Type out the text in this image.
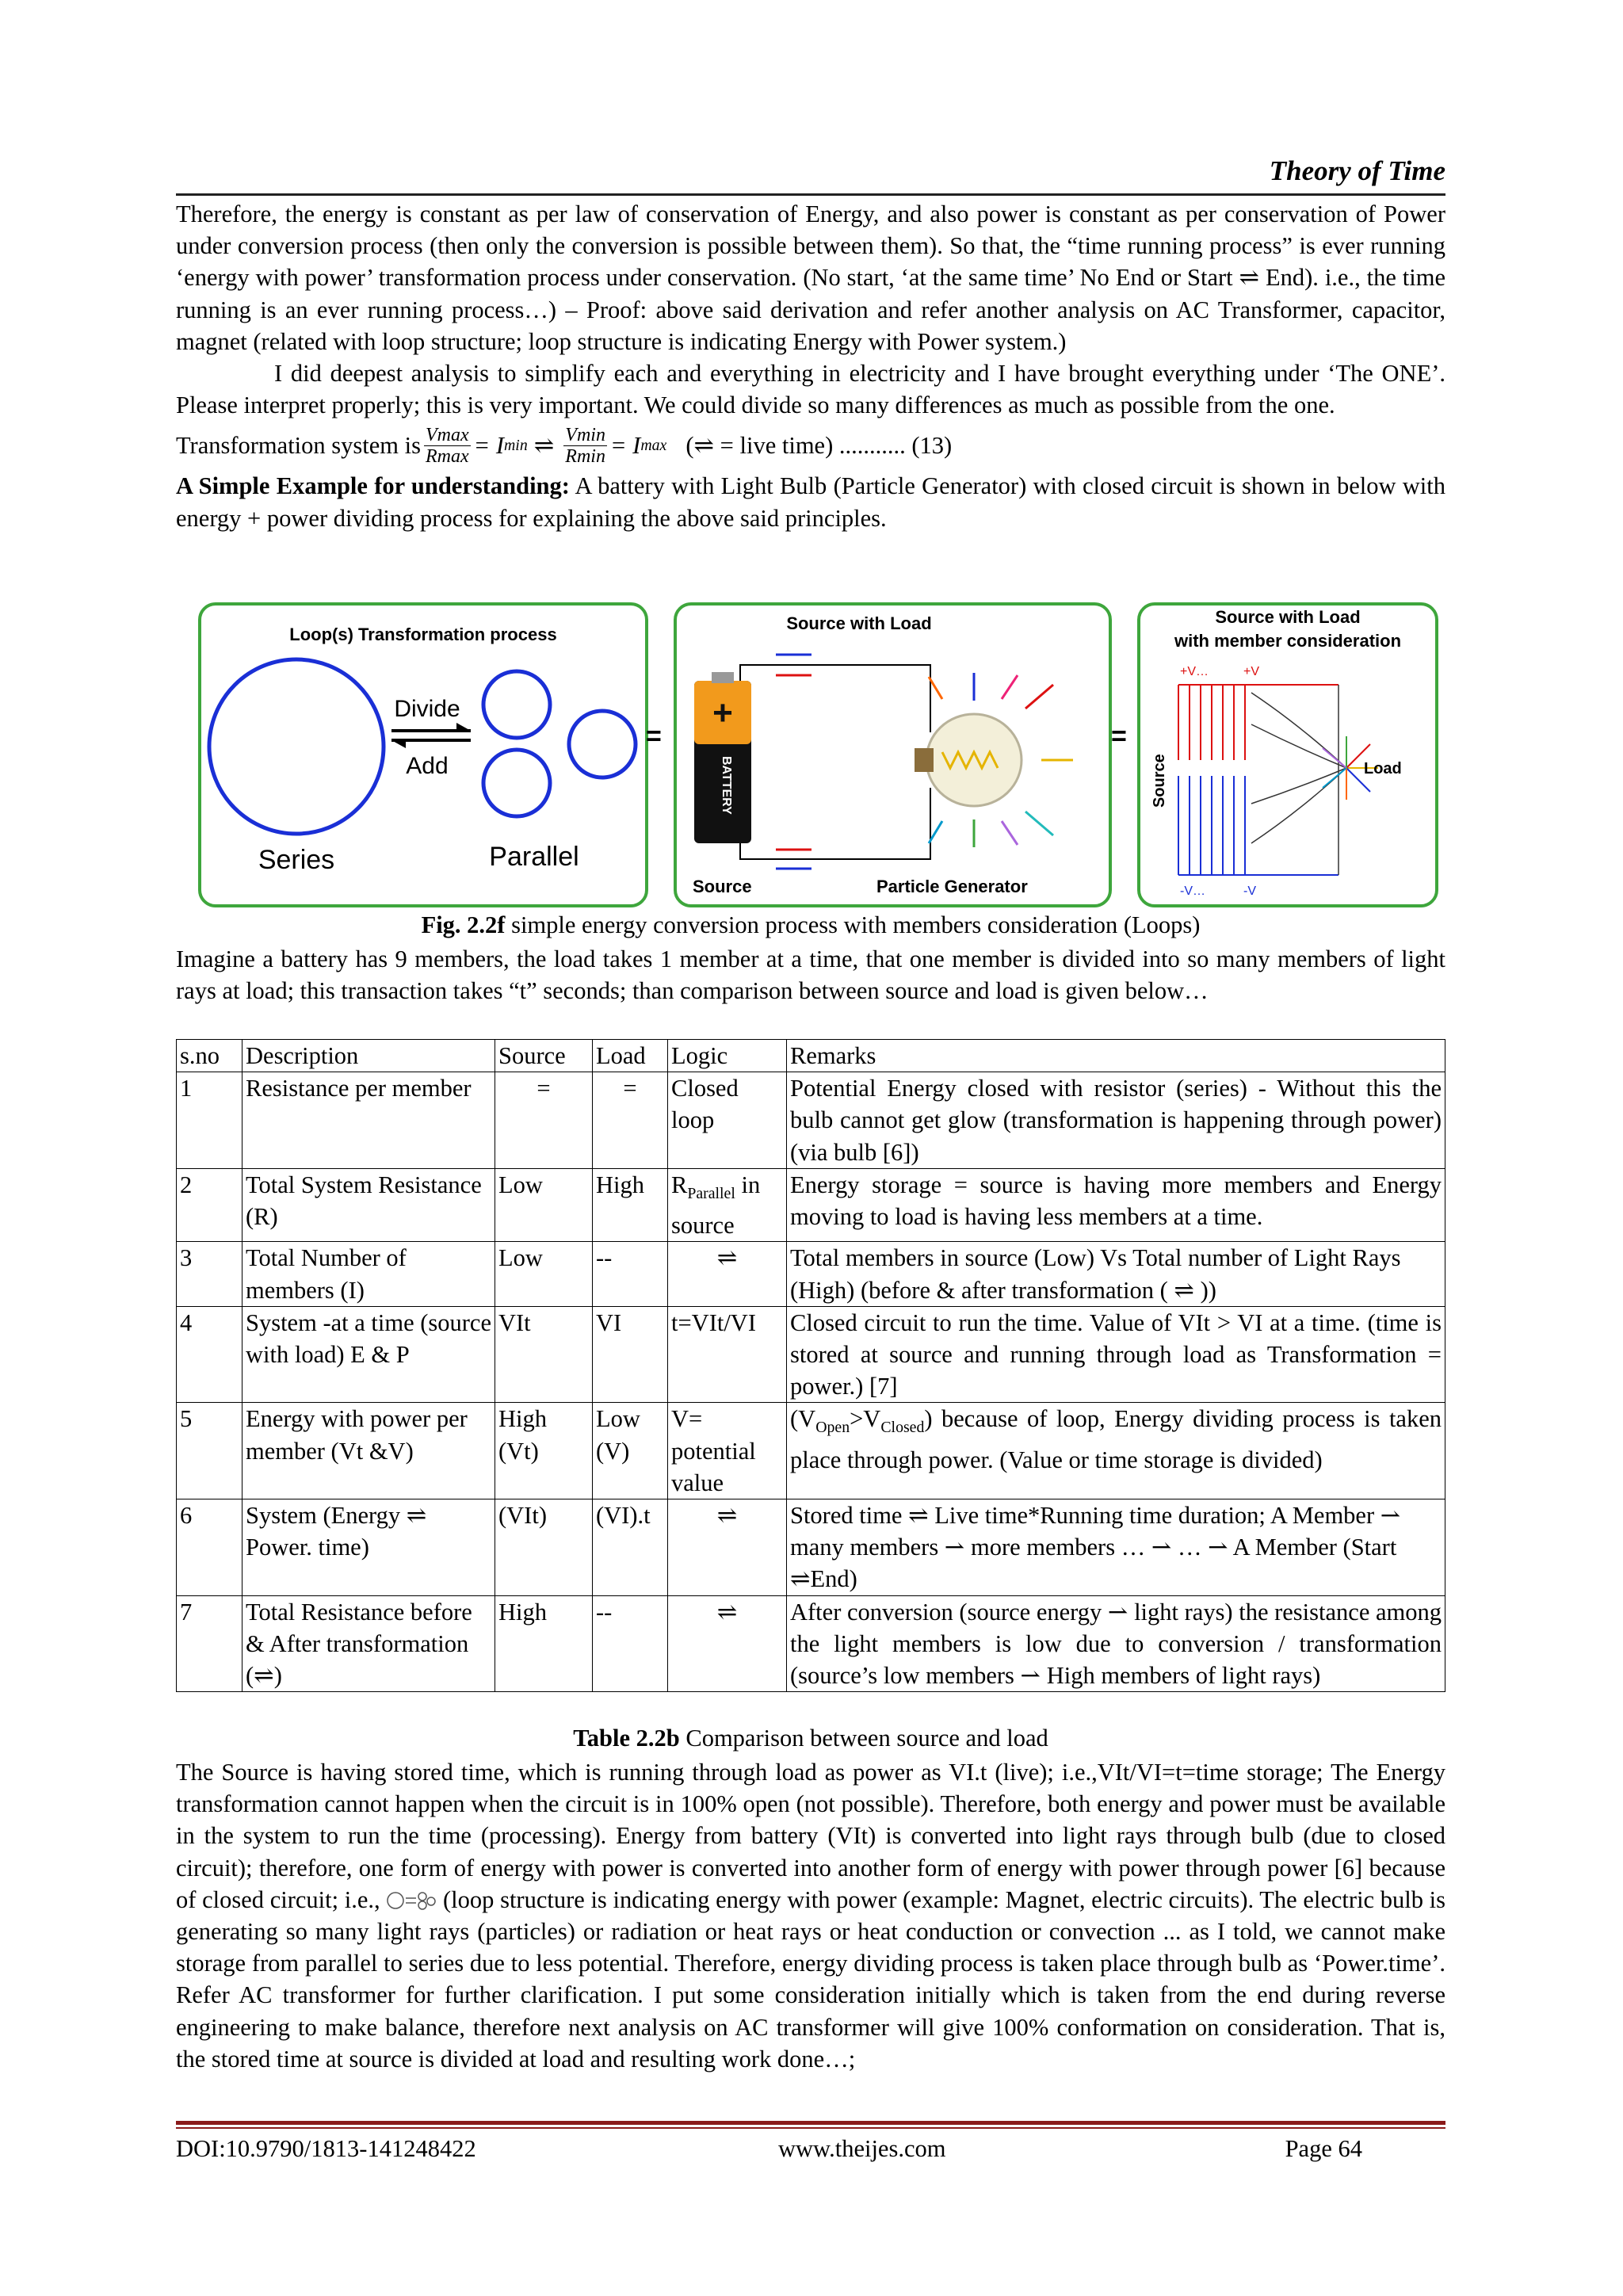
Theory of Time

Therefore, the energy is constant as per law of conservation of Energy, and also power is constant as per conservation of Power under conversion process (then only the conversion is possible between them). So that, the “time running process” is ever running ‘energy with power’ transformation process under conservation. (No start, ‘at the same time’ No End or Start ⇌ End). i.e., the time running is an ever running process…) – Proof: above said derivation and refer another analysis on AC Transformer, capacitor, magnet (related with loop structure; loop structure is indicating Energy with Power system.)

I did deepest analysis to simplify each and everything in electricity and I have brought everything under ‘The ONE’. Please interpret properly; this is very important. We could divide so many differences as much as possible from the one.

Transformation system is $\frac{Vmax}{Rmax} = I$ min ⇌ $\frac{Vmin}{Rmin} = I$ max (⇌ = live time) ........... (13)

A Simple Example for understanding: A battery with Light Bulb (Particle Generator) with closed circuit is shown in below with energy + power dividing process for explaining the above said principles.

Loop(s) Transformation process
Divide
Add
Series	Parallel
=
Source with Load
+
BATTERY
Source	Particle Generator
=
Source with Load
with member consideration
+V…	+V
-V…	-V
Source	Load
Fig. 2.2f simple energy conversion process with members consideration (Loops)
Imagine a battery has 9 members, the load takes 1 member at a time, that one member is divided into so many members of light rays at load; this transaction takes “t” seconds; than comparison between source and load is given below…
s.no	Description	Source	Load	Logic	Remarks
1	Resistance per member	=	=	Closed loop	Potential Energy closed with resistor (series) - Without this the bulb cannot get glow (transformation is happening through power) (via bulb [6])
2	Total System Resistance (R)	Low	High	$R_{Parallel}$ in source	Energy storage = source is having more members and Energy moving to load is having less members at a time.
3	Total Number of members (I)	Low	--	⇌	Total members in source (Low) Vs Total number of Light Rays (High) (before & after transformation ( ⇌ ))
4	System -at a time (source with load) E & P	VIt	VI	t=VIt/VI	Closed circuit to run the time. Value of VIt > VI at a time. (time is stored at source and running through load as Transformation = power.) [7]
5	Energy with power per member (Vt &V)	High (Vt)	Low (V)	V= potential value	$(V_{Open}>V_{Closed})$ because of loop, Energy dividing process is taken place through power. (Value or time storage is divided)
6	System (Energy ⇌ Power. time)	(VIt)	(VI).t	⇌	Stored time ⇌ Live time*Running time duration; A Member ⇀ many members ⇀ more members … ⇀ … ⇀ A Member (Start ⇌End)
7	Total Resistance before & After transformation (⇌)	High	--	⇌	After conversion (source energy ⇀ light rays) the resistance among the light members is low due to conversion / transformation (source’s low members ⇀ High members of light rays)
Table 2.2b Comparison between source and load
The Source is having stored time, which is running through load as power as VI.t (live); i.e.,VIt/VI=t=time storage; The Energy transformation cannot happen when the circuit is in 100% open (not possible). Therefore, both energy and power must be available in the system to run the time (processing). Energy from battery (VIt) is converted into light rays through bulb (due to closed circuit); therefore, one form of energy with power is converted into another form of energy with power through power [6] because of closed circuit; i.e.,  (loop structure is indicating energy with power (example: Magnet, electric circuits). The electric bulb is generating so many light rays (particles) or radiation or heat rays or heat conduction or convection ... as I told, we cannot make storage from parallel to series due to less potential. Therefore, energy dividing process is taken place through bulb as ‘Power.time’. Refer AC transformer for further clarification. I put some consideration initially which is taken from the end during reverse engineering to make balance, therefore next analysis on AC transformer will give 100% conformation on consideration. That is, the stored time at source is divided at load and resulting work done…;
DOI:10.9790/1813-141248422	www.theijes.com	Page 64
